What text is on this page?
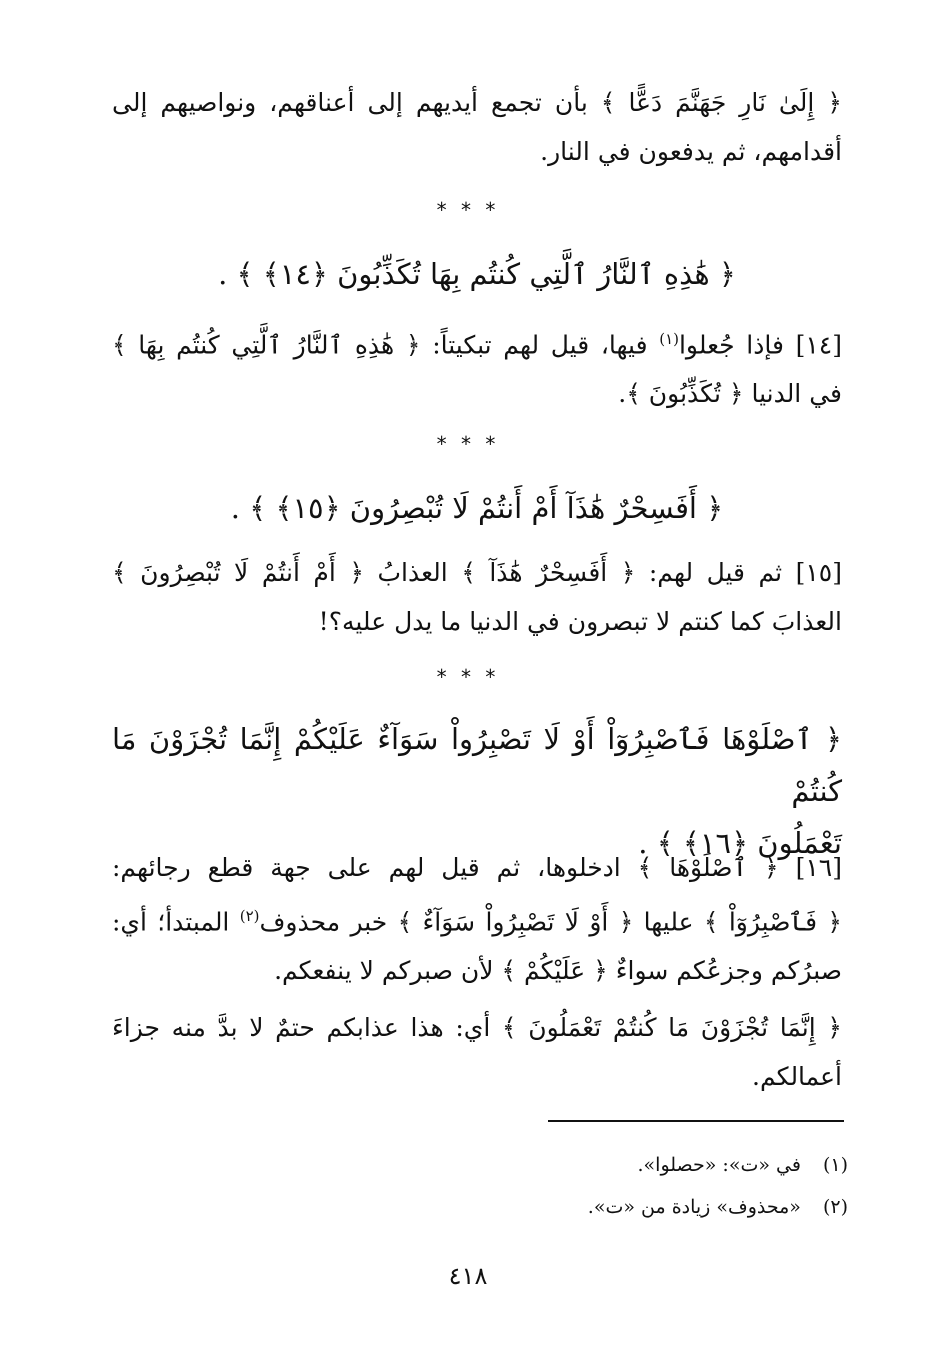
﴿ إِلَىٰ نَارِ جَهَنَّمَ دَعًّا ﴾ بأن تجمع أيديهم إلى أعناقهم، ونواصيهم إلى
أقدامهم، ثم يدفعون في النار.
* * *
﴿ هَٰذِهِ ٱلنَّارُ ٱلَّتِي كُنتُم بِهَا تُكَذِّبُونَ ﴿١٤﴾ ﴾ .
[١٤] فإذا جُعلوا$^{(١)}$ فيها، قيل لهم تبكيتاً: ﴿ هَٰذِهِ ٱلنَّارُ ٱلَّتِي كُنتُم بِهَا ﴾
في الدنيا ﴿ تُكَذِّبُونَ ﴾.
* * *
﴿ أَفَسِحْرٌ هَٰذَآ أَمْ أَنتُمْ لَا تُبْصِرُونَ ﴿١٥﴾ ﴾ .
[١٥] ثم قيل لهم: ﴿ أَفَسِحْرٌ هَٰذَآ ﴾ العذابُ ﴿ أَمْ أَنتُمْ لَا تُبْصِرُونَ ﴾
العذابَ كما كنتم لا تبصرون في الدنيا ما يدل عليه؟!
* * *
﴿ ٱصْلَوْهَا فَٱصْبِرُوٓاْ أَوْ لَا تَصْبِرُواْ سَوَآءٌ عَلَيْكُمْ إِنَّمَا تُجْزَوْنَ مَا كُنتُمْ
تَعْمَلُونَ ﴿١٦﴾ ﴾ .
[١٦] ﴿ ٱصْلَوْهَا ﴾ ادخلوها، ثم قيل لهم على جهة قطع رجائهم:
﴿ فَٱصْبِرُوٓاْ ﴾ عليها ﴿ أَوْ لَا تَصْبِرُواْ سَوَآءٌ ﴾ خبر محذوف$^{(٢)}$ المبتدأ؛ أي:
صبرُكم وجزعُكم سواءٌ ﴿ عَلَيْكُمْ ﴾ لأن صبركم لا ينفعكم.
﴿ إِنَّمَا تُجْزَوْنَ مَا كُنتُمْ تَعْمَلُونَ ﴾ أي: هذا عذابكم حتمٌ لا بدَّ منه جزاءَ
أعمالكم.
(١)في «ت»: «حصلوا».
(٢)«محذوف» زيادة من «ت».
٤١٨
